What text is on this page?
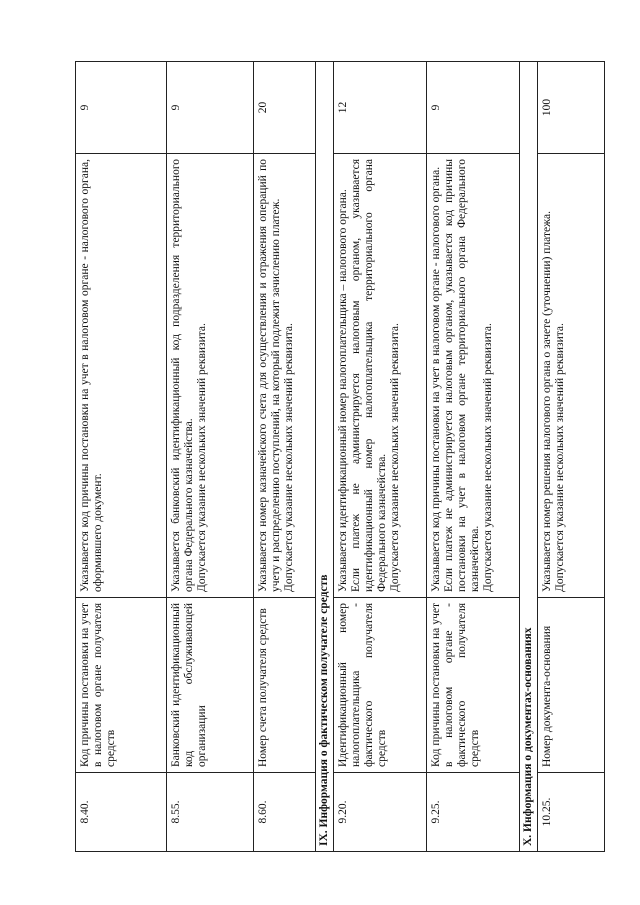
8.40.	Код причины постановки на учет в налоговом органе получателя средств	Указывается код причины постановки на учет в налоговом органе - налогового органа, оформившего документ.	9
8.55.	Банковский идентификационный код обслуживающей организации	Указывается банковский идентификационный код подразделения территориального органа Федерального казначейства. Допускается указание нескольких значений реквизита.	9
8.60.	Номер счета получателя средств	Указывается номер казначейского счета для осуществления и отражения операций по учету и распределению поступлений, на который подлежит зачислению платеж. Допускается указание нескольких значений реквизита.	20
IX. Информация о фактическом получателе средств			
9.20.	Идентификационный номер налогоплательщика - фактического получателя средств	Указывается идентификационный номер налогоплательщика – налогового органа. Если платеж не администрируется налоговым органом, указывается идентификационный номер налогоплательщика территориального органа Федерального казначейства. Допускается указание нескольких значений реквизита.	12
9.25.	Код причины постановки на учет в налоговом органе - фактического получателя средств	Указывается код причины постановки на учет в налоговом органе - налогового органа. Если платеж не администрируется налоговым органом, указывается код причины постановки на учет в налоговом органе территориального органа Федерального казначейства. Допускается указание нескольких значений реквизита.	9
X. Информация о документах-основаниях			
10.25.	Номер документа-основания	Указывается номер решения налогового органа о зачете (уточнении) платежа. Допускается указание нескольких значений реквизита.	100
